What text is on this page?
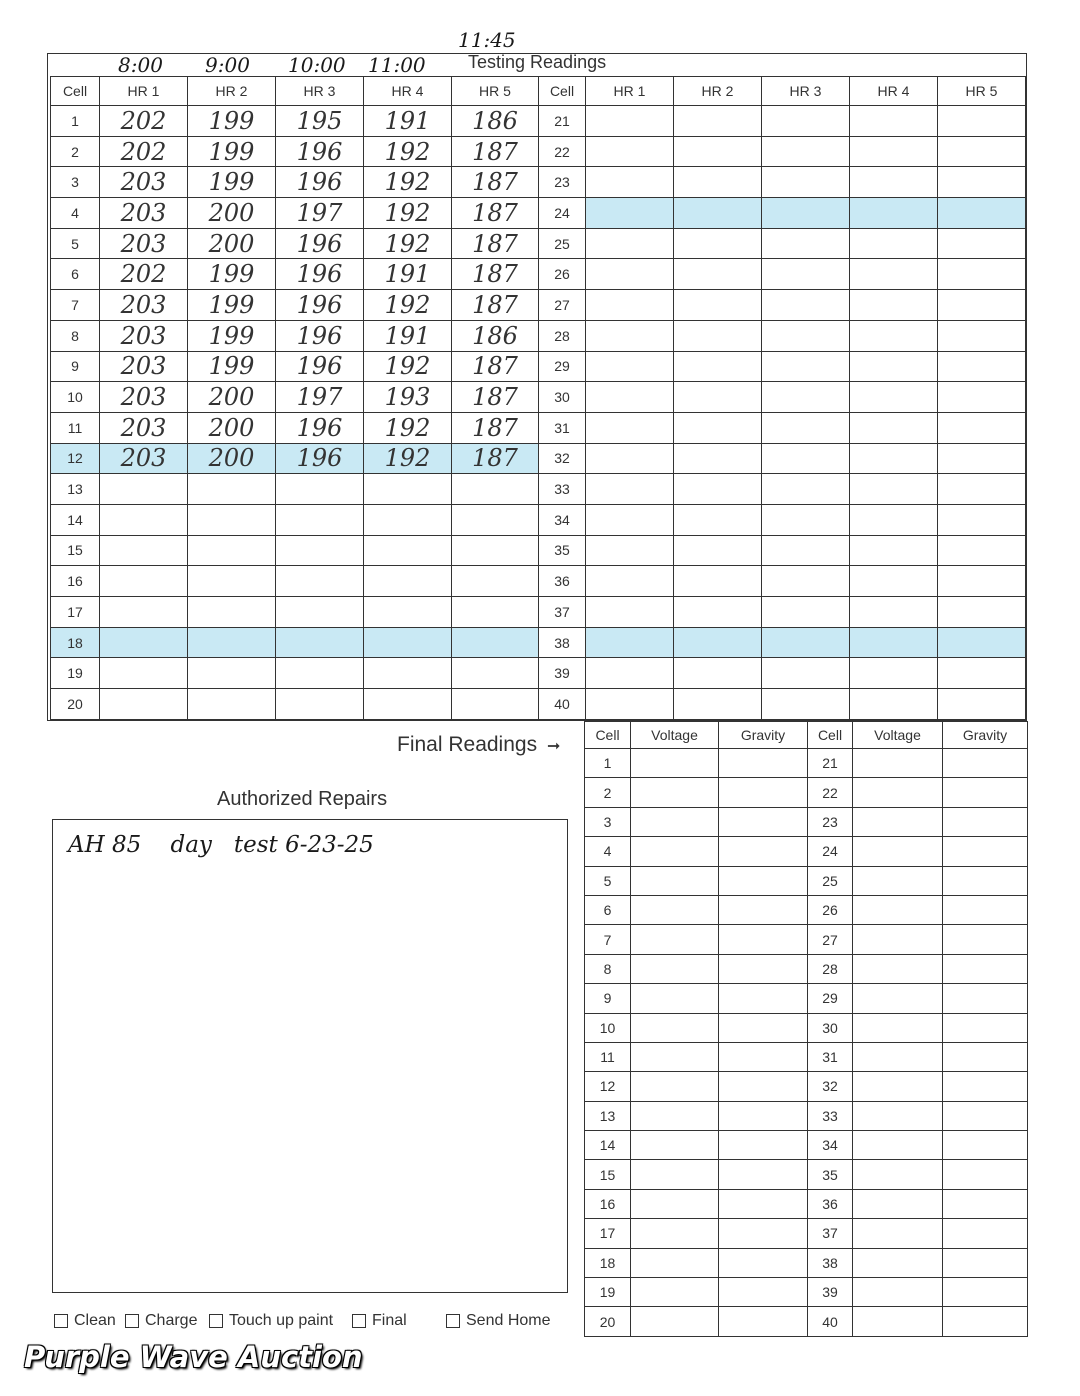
11:45
8:00 9:00 10:00 11:00 Testing Readings
Cell	HR 1	HR 2	HR 3	HR 4	HR 5	Cell	HR 1	HR 2	HR 3	HR 4	HR 5
1	202	199	195	191	186	21					
2	202	199	196	192	187	22					
3	203	199	196	192	187	23					
4	203	200	197	192	187	24					
5	203	200	196	192	187	25					
6	202	199	196	191	187	26					
7	203	199	196	192	187	27					
8	203	199	196	191	186	28					
9	203	199	196	192	187	29					
10	203	200	197	193	187	30					
11	203	200	196	192	187	31					
12	203	200	196	192	187	32					
13						33					
14						34					
15						35					
16						36					
17						37					
18						38					
19						39					
20						40					
Final Readings ➞
Cell	Voltage	Gravity	Cell	Voltage	Gravity
1			21		
2			22		
3			23		
4			24		
5			25		
6			26		
7			27		
8			28		
9			29		
10			30		
11			31		
12			32		
13			33		
14			34		
15			35		
16			36		
17			37		
18			38		
19			39		
20			40		
Authorized Repairs
AH 85    day   test 6-23-25
Clean Charge Touch up paint Final	Send Home
Purple Wave Auction
